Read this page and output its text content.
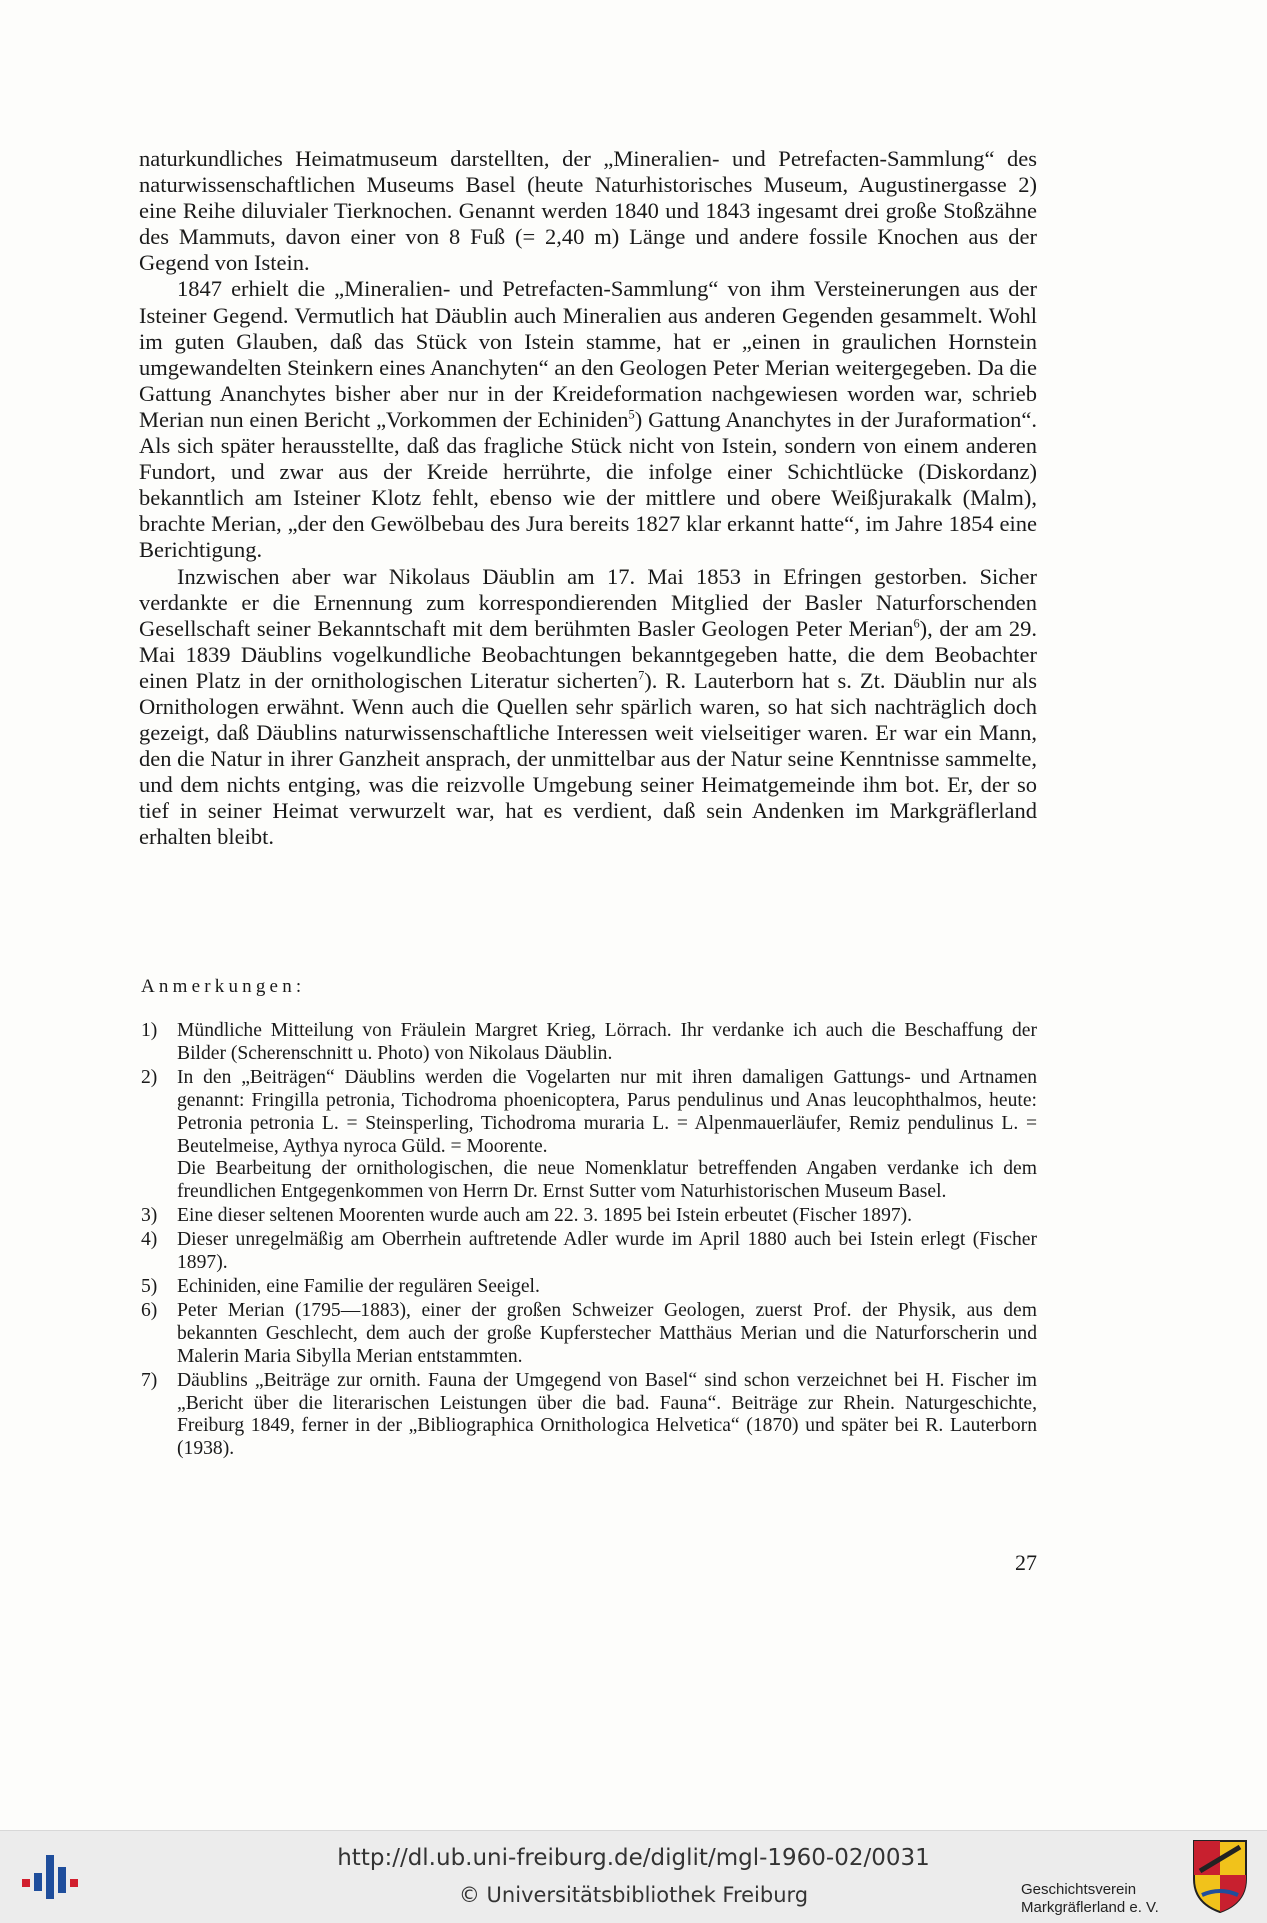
naturkundliches Heimatmuseum darstellten, der „Mineralien- und Petrefacten-Sammlung“ des naturwissenschaftlichen Museums Basel (heute Naturhistorisches Museum, Augustinergasse 2) eine Reihe diluvialer Tierknochen. Genannt werden 1840 und 1843 ingesamt drei große Stoßzähne des Mammuts, davon einer von 8 Fuß (= 2,40 m) Länge und andere fossile Knochen aus der Gegend von Istein.

1847 erhielt die „Mineralien- und Petrefacten-Sammlung“ von ihm Versteinerungen aus der Isteiner Gegend. Vermutlich hat Däublin auch Mineralien aus anderen Gegenden gesammelt. Wohl im guten Glauben, daß das Stück von Istein stamme, hat er „einen in graulichen Hornstein umgewandelten Steinkern eines Ananchyten“ an den Geologen Peter Merian weitergegeben. Da die Gattung Ananchytes bisher aber nur in der Kreideformation nachgewiesen worden war, schrieb Merian nun einen Bericht „Vorkommen der Echiniden$^5$) Gattung Ananchytes in der Juraformation“. Als sich später herausstellte, daß das fragliche Stück nicht von Istein, sondern von einem anderen Fundort, und zwar aus der Kreide herrührte, die infolge einer Schichtlücke (Diskordanz) bekanntlich am Isteiner Klotz fehlt, ebenso wie der mittlere und obere Weißjurakalk (Malm), brachte Merian, „der den Gewölbebau des Jura bereits 1827 klar erkannt hatte“, im Jahre 1854 eine Berichtigung.

Inzwischen aber war Nikolaus Däublin am 17. Mai 1853 in Efringen gestorben. Sicher verdankte er die Ernennung zum korrespondierenden Mitglied der Basler Naturforschenden Gesellschaft seiner Bekanntschaft mit dem berühmten Basler Geologen Peter Merian$^6$), der am 29. Mai 1839 Däublins vogelkundliche Beobachtungen bekanntgegeben hatte, die dem Beobachter einen Platz in der ornithologischen Literatur sicherten$^7$). R. Lauterborn hat s. Zt. Däublin nur als Ornithologen erwähnt. Wenn auch die Quellen sehr spärlich waren, so hat sich nachträglich doch gezeigt, daß Däublins naturwissenschaftliche Interessen weit vielseitiger waren. Er war ein Mann, den die Natur in ihrer Ganzheit ansprach, der unmittelbar aus der Natur seine Kenntnisse sammelte, und dem nichts entging, was die reizvolle Umgebung seiner Heimatgemeinde ihm bot. Er, der so tief in seiner Heimat verwurzelt war, hat es verdient, daß sein Andenken im Markgräflerland erhalten bleibt.

Anmerkungen:
1)	Mündliche Mitteilung von Fräulein Margret Krieg, Lörrach. Ihr verdanke ich auch die Beschaffung der Bilder (Scherenschnitt u. Photo) von Nikolaus Däublin.
2)	In den „Beiträgen“ Däublins werden die Vogelarten nur mit ihren damaligen Gattungs- und Artnamen genannt: Fringilla petronia, Tichodroma phoenicoptera, Parus pendulinus und Anas leucophthalmos, heute: Petronia petronia L. = Steinsperling, Tichodroma muraria L. = Alpenmauerläufer, Remiz pendulinus L. = Beutelmeise, Aythya nyroca Güld. = Moorente.
Die Bearbeitung der ornithologischen, die neue Nomenklatur betreffenden Angaben verdanke ich dem freundlichen Entgegenkommen von Herrn Dr. Ernst Sutter vom Naturhistorischen Museum Basel.
3)	Eine dieser seltenen Moorenten wurde auch am 22. 3. 1895 bei Istein erbeutet (Fischer 1897).
4)	Dieser unregelmäßig am Oberrhein auftretende Adler wurde im April 1880 auch bei Istein erlegt (Fischer 1897).
5)	Echiniden, eine Familie der regulären Seeigel.
6)	Peter Merian (1795—1883), einer der großen Schweizer Geologen, zuerst Prof. der Physik, aus dem bekannten Geschlecht, dem auch der große Kupferstecher Matthäus Merian und die Naturforscherin und Malerin Maria Sibylla Merian entstammten.
7)	Däublins „Beiträge zur ornith. Fauna der Umgegend von Basel“ sind schon verzeichnet bei H. Fischer im „Bericht über die literarischen Leistungen über die bad. Fauna“. Beiträge zur Rhein. Naturgeschichte, Freiburg 1849, ferner in der „Bibliographica Ornithologica Helvetica“ (1870) und später bei R. Lauterborn (1938).
27
http://dl.ub.uni-freiburg.de/diglit/mgl-1960-02/0031
© Universitätsbibliothek Freiburg	Geschichtsverein
Markgräflerland e. V.
